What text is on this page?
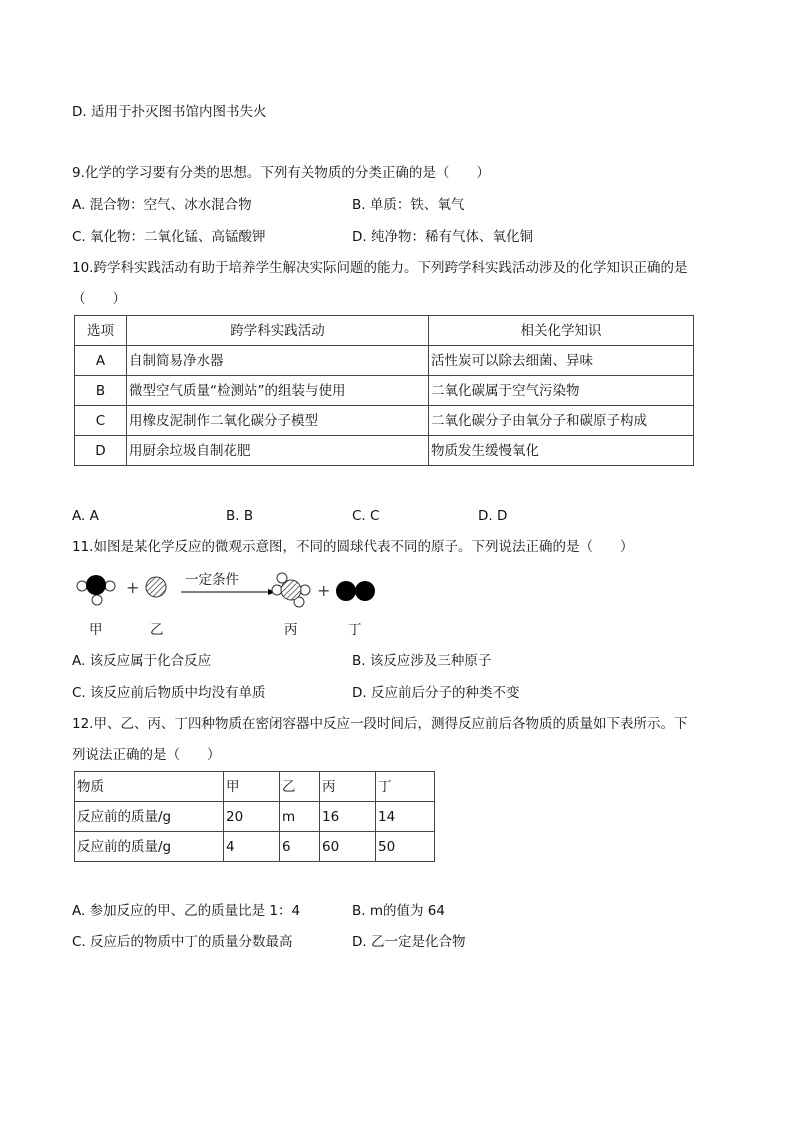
D. 适用于扑灭图书馆内图书失火
9.化学的学习要有分类的思想。下列有关物质的分类正确的是（　　）
A. 混合物：空气、冰水混合物	B. 单质：铁、氧气
C. 氧化物：二氧化锰、高锰酸钾	D. 纯净物：稀有气体、氧化铜
10.跨学科实践活动有助于培养学生解决实际问题的能力。下列跨学科实践活动涉及的化学知识正确的是
（　　）
选项	跨学科实践活动	相关化学知识
A	自制简易净水器	活性炭可以除去细菌、异味
B	微型空气质量“检测站”的组装与使用	二氧化碳属于空气污染物
C	用橡皮泥制作二氧化碳分子模型	二氧化碳分子由氧分子和碳原子构成
D	用厨余垃圾自制花肥	物质发生缓慢氧化
A. A	B. B	C. C	D. D
11.如图是某化学反应的微观示意图，不同的圆球代表不同的原子。下列说法正确的是（　　）
+	+
一定条件
甲	乙	丙	丁
A. 该反应属于化合反应	B. 该反应涉及三种原子
C. 该反应前后物质中均没有单质	D. 反应前后分子的种类不变
12.甲、乙、丙、丁四种物质在密闭容器中反应一段时间后，测得反应前后各物质的质量如下表所示。下
列说法正确的是（　　）
物质	甲	乙	丙	丁
反应前的质量/g	20	m	16	14
反应前的质量/g	4	6	60	50
A. 参加反应的甲、乙的质量比是 1：4	B. m的值为 64
C. 反应后的物质中丁的质量分数最高	D. 乙一定是化合物
